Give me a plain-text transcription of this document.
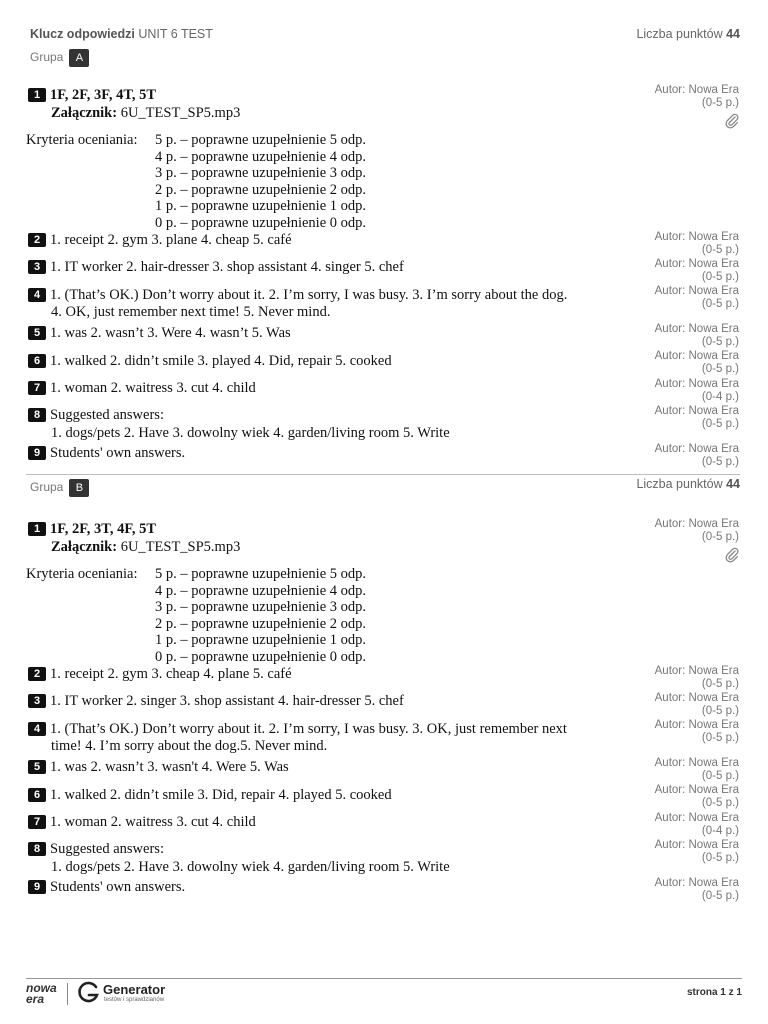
Klucz odpowiedzi UNIT 6 TEST	Liczba punktów 44
Grupa A
1 1F, 2F, 3F, 4T, 5T
Załącznik: 6U_TEST_SP5.mp3
Autor: Nowa Era
(0-5 p.)
Kryteria oceniania: 5 p. – poprawne uzupełnienie 5 odp.
4 p. – poprawne uzupełnienie 4 odp.
3 p. – poprawne uzupełnienie 3 odp.
2 p. – poprawne uzupełnienie 2 odp.
1 p. – poprawne uzupełnienie 1 odp.
0 p. – poprawne uzupełnienie 0 odp.
2 1. receipt 2. gym 3. plane 4. cheap 5. café	Autor: Nowa Era
(0-5 p.)
3 1. IT worker 2. hair-dresser 3. shop assistant 4. singer 5. chef	Autor: Nowa Era
(0-5 p.)
4 1. (That’s OK.) Don’t worry about it. 2. I’m sorry, I was busy. 3. I’m sorry about the dog.
4. OK, just remember next time! 5. Never mind.
Autor: Nowa Era
(0-5 p.)
5 1. was 2. wasn’t 3. Were 4. wasn’t 5. Was	Autor: Nowa Era
(0-5 p.)
6 1. walked 2. didn’t smile 3. played 4. Did, repair 5. cooked	Autor: Nowa Era
(0-5 p.)
7 1. woman 2. waitress 3. cut 4. child	Autor: Nowa Era
(0-4 p.)
8 Suggested answers:
1. dogs/pets 2. Have 3. dowolny wiek 4. garden/living room 5. Write
Autor: Nowa Era
(0-5 p.)
9 Students' own answers.	Autor: Nowa Era
(0-5 p.)
Grupa B	Liczba punktów 44
1 1F, 2F, 3T, 4F, 5T
Załącznik: 6U_TEST_SP5.mp3
Autor: Nowa Era
(0-5 p.)
Kryteria oceniania: 5 p. – poprawne uzupełnienie 5 odp.
4 p. – poprawne uzupełnienie 4 odp.
3 p. – poprawne uzupełnienie 3 odp.
2 p. – poprawne uzupełnienie 2 odp.
1 p. – poprawne uzupełnienie 1 odp.
0 p. – poprawne uzupełnienie 0 odp.
2 1. receipt 2. gym 3. cheap 4. plane 5. café	Autor: Nowa Era
(0-5 p.)
3 1. IT worker 2. singer 3. shop assistant 4. hair-dresser 5. chef	Autor: Nowa Era
(0-5 p.)
4 1. (That’s OK.) Don’t worry about it. 2. I’m sorry, I was busy. 3. OK, just remember next
time! 4. I’m sorry about the dog.5. Never mind.
Autor: Nowa Era
(0-5 p.)
5 1. was 2. wasn’t 3. wasn't 4. Were 5. Was	Autor: Nowa Era
(0-5 p.)
6 1. walked 2. didn’t smile 3. Did, repair 4. played 5. cooked	Autor: Nowa Era
(0-5 p.)
7 1. woman 2. waitress 3. cut 4. child	Autor: Nowa Era
(0-4 p.)
8 Suggested answers:
1. dogs/pets 2. Have 3. dowolny wiek 4. garden/living room 5. Write
Autor: Nowa Era
(0-5 p.)
9 Students' own answers.	Autor: Nowa Era
(0-5 p.)
nowa
era
Generator
testów i sprawdzianów
strona 1 z 1
